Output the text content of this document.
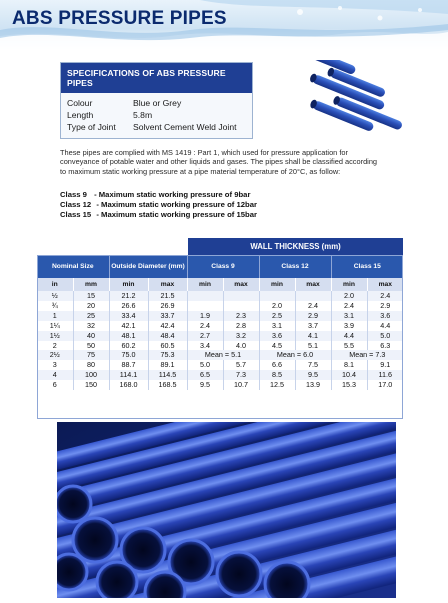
ABS PRESSURE PIPES
SPECIFICATIONS OF ABS PRESSURE PIPES
Colour	Blue or Grey
Length	5.8m
Type of Joint	Solvent Cement Weld Joint
These pipes are complied with MS 1419 : Part 1, which used for pressure application for conveyance of potable water and other liquids and gases. The pipes shall be classified according to maximum static working pressure at a pipe material temperature of 20°C, as follow:
Class 9 - Maximum static working pressure of 9bar
Class 12 - Maximum static working pressure of 12bar
Class 15 - Maximum static working pressure of 15bar
				WALL THICKNESS (mm)					
Nominal Size		Outside Diameter (mm)		Class 9		Class 12		Class 15	
in	mm	min	max	min	max	min	max	min	max
½	15	21.2	21.5					2.0	2.4
¾	20	26.6	26.9			2.0	2.4	2.4	2.9
1	25	33.4	33.7	1.9	2.3	2.5	2.9	3.1	3.6
1¼	32	42.1	42.4	2.4	2.8	3.1	3.7	3.9	4.4
1½	40	48.1	48.4	2.7	3.2	3.6	4.1	4.4	5.0
2	50	60.2	60.5	3.4	4.0	4.5	5.1	5.5	6.3
2½	75	75.0	75.3	Mean = 5.1		Mean = 6.0		Mean = 7.3	
3	80	88.7	89.1	5.0	5.7	6.6	7.5	8.1	9.1
4	100	114.1	114.5	6.5	7.3	8.5	9.5	10.4	11.6
6	150	168.0	168.5	9.5	10.7	12.5	13.9	15.3	17.0
